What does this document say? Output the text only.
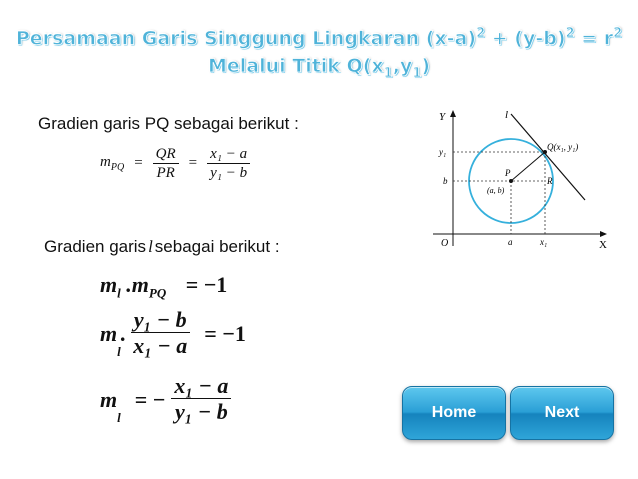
Persamaan Garis Singgung Lingkaran $(x-a)^2 + (y-b)^2 = r^2$
Melalui Titik $Q(x_1,y_1)$
Gradien garis PQ sebagai berikut :
$m_{PQ} = \frac{QR}{PR} = \frac{\text{x₁ − a}}{\text{y₁ − b}}$
Gradien garis l sebagai berikut :
$m_l$ $.m_{PQ} = -1$
m
$_l$
. $\frac{\text{y₁ − b}}{\text{x₁ − a}} = -1$
m
$_l$
= − $\frac{\text{x₁ − a}}{\text{y₁ − b}}$
Y
X
O
l
Q(x₁, y₁)
P
(a, b)
R
y₁
b
a	x₁
Home	Next
